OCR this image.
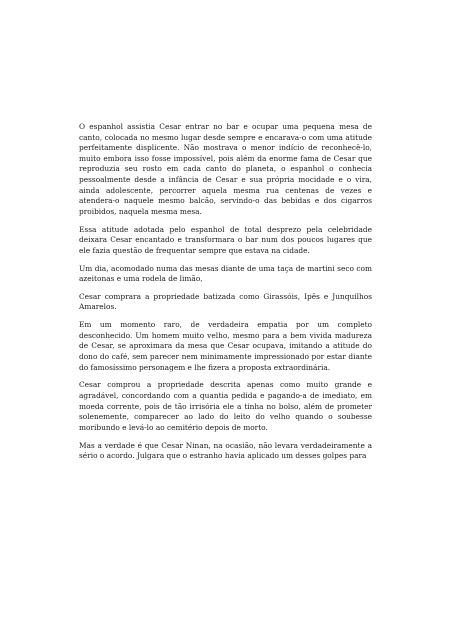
O espanhol assistia Cesar entrar no bar e ocupar uma pequena mesa de canto, colocada no mesmo lugar desde sempre e encarava-o com uma atitude perfeitamente displicente. Não mostrava o menor indício de reconhecê-lo, muito embora isso fosse impossível, pois além da enorme fama de Cesar que reproduzia seu rosto em cada canto do planeta, o espanhol o conhecia pessoalmente desde a infância de Cesar e sua própria mocidade e o vira, ainda adolescente, percorrer aquela mesma rua centenas de vezes e atendera-o naquele mesmo balcão, servindo-o das bebidas e dos cigarros proibidos, naquela mesma mesa.

Essa atitude adotada pelo espanhol de total desprezo pela celebridade deixara Cesar encantado e transformara o bar num dos poucos lugares que ele fazia questão de frequentar sempre que estava na cidade.

Um dia, acomodado numa das mesas diante de uma taça de martini seco com azeitonas e uma rodela de limão,

Cesar comprara a propriedade batizada como Girassóis, Ipês e Junquilhos Amarelos.

Em um momento raro, de verdadeira empatia por um completo desconhecido. Um homem muito velho, mesmo para a bem vivida madureza de Cesar, se aproximara da mesa que Cesar ocupava, imitando a atitude do dono do café, sem parecer nem minimamente impressionado por estar diante do famosíssimo personagem e lhe fizera a proposta extraordinária.

Cesar comprou a propriedade descrita apenas como muito grande e agradável, concordando com a quantia pedida e pagando-a de imediato, em moeda corrente, pois de tão irrisória ele a tinha no bolso, além de prometer solenemente, comparecer ao lado do leito do velho quando o soubesse moribundo e levá-lo ao cemitério depois de morto.

Mas a verdade é que Cesar Ninan, na ocasião, não levara verdadeiramente a sério o acordo. Julgara que o estranho havia aplicado um desses golpes para
